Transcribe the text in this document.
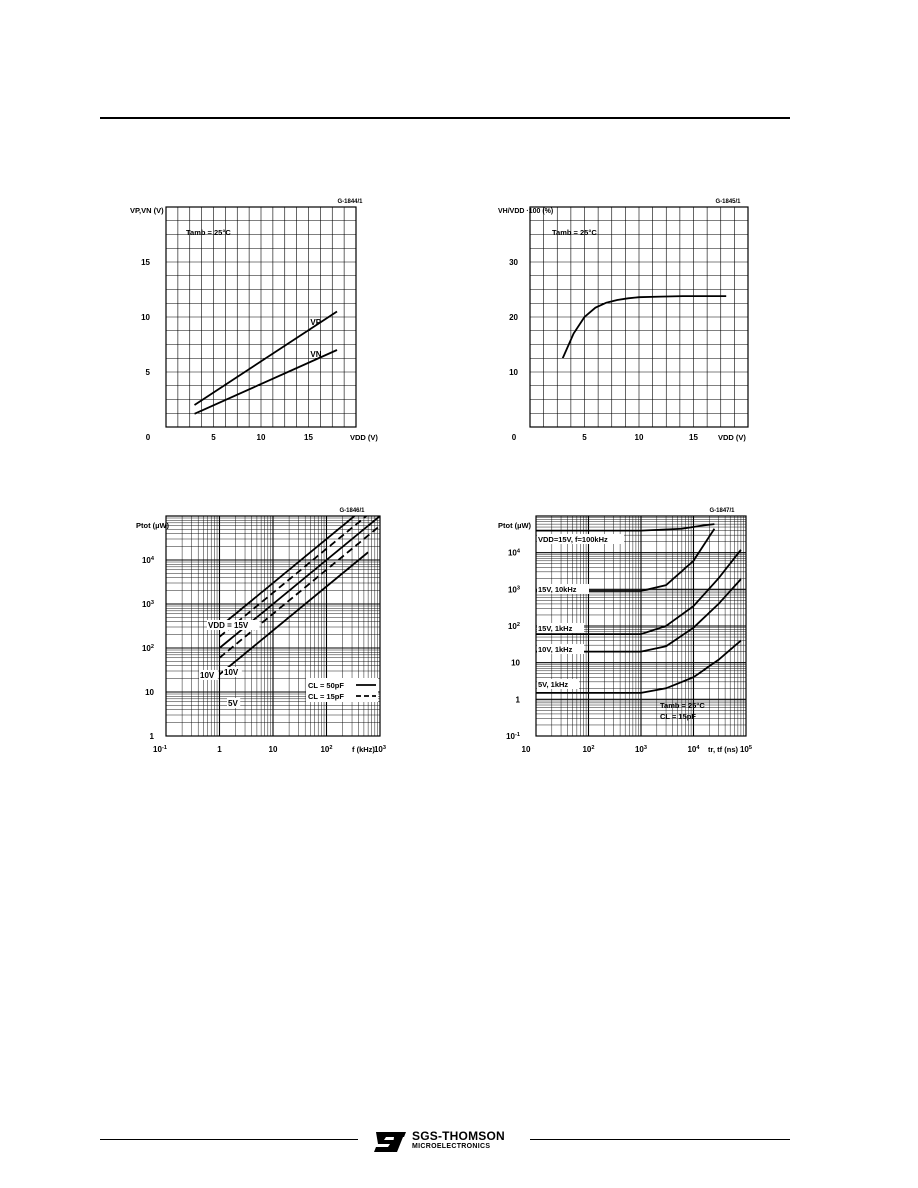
G-1844/1
VP,VN (V)
VDD (V)
Tamb = 25°C
0	5	10	15
5
10
15
VP
VN
G-1845/1
VH/VDD ·100 (%)
VDD (V)
Tamb = 25°C
0	5	10	15
10
20
30
G-1846/1
Ptot (µW)
f (kHz)
$10^{-1}$	1	10	$10^2$	$10^3$
1
10
$10^2$
$10^3$
$10^4$
VDD = 15V
10V 10V
5V
CL = 50pF
CL = 15pF
G-1847/1
Ptot (µW)
tr, tf (ns)
Tamb = 25°C
CL = 15pF
10	$10^2$	$10^3$	$10^4$	$10^5$
$10^{-1}$
1
10
$10^2$
$10^3$
$10^4$
VDD=15V, f=100kHz
15V, 10kHz
15V, 1kHz
10V, 1kHz
5V, 1kHz
SGS-THOMSON
MICROELECTRONICS
